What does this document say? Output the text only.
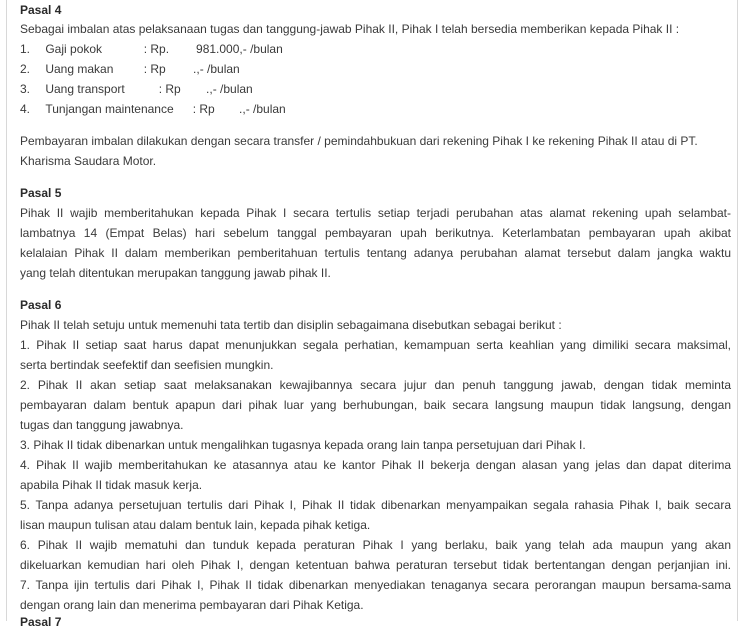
Pasal 4
Sebagai imbalan atas pelaksanaan tugas dan tanggung-jawab Pihak II, Pihak I telah bersedia memberikan kepada Pihak II :
1. Gaji pokok	: Rp. 981.000,- /bulan
2. Uang makan	: Rp .,- /bulan
3. Uang transport	: Rp .,- /bulan
4. Tunjangan maintenance : Rp .,- /bulan
Pembayaran imbalan dilakukan dengan secara transfer / pemindahbukuan dari rekening Pihak I ke rekening Pihak II atau di PT.
Kharisma Saudara Motor.
Pasal 5
Pihak II wajib memberitahukan kepada Pihak I secara tertulis setiap terjadi perubahan atas alamat rekening upah selambat-
lambatnya 14 (Empat Belas) hari sebelum tanggal pembayaran upah berikutnya. Keterlambatan pembayaran upah akibat
kelalaian Pihak II dalam memberikan pemberitahuan tertulis tentang adanya perubahan alamat tersebut dalam jangka waktu
yang telah ditentukan merupakan tanggung jawab pihak II.
Pasal 6
Pihak II telah setuju untuk memenuhi tata tertib dan disiplin sebagaimana disebutkan sebagai berikut :
1. Pihak II setiap saat harus dapat menunjukkan segala perhatian, kemampuan serta keahlian yang dimiliki secara maksimal,
serta bertindak seefektif dan seefisien mungkin.
2. Pihak II akan setiap saat melaksanakan kewajibannya secara jujur dan penuh tanggung jawab, dengan tidak meminta
pembayaran dalam bentuk apapun dari pihak luar yang berhubungan, baik secara langsung maupun tidak langsung, dengan
tugas dan tanggung jawabnya.
3. Pihak II tidak dibenarkan untuk mengalihkan tugasnya kepada orang lain tanpa persetujuan dari Pihak I.
4. Pihak II wajib memberitahukan ke atasannya atau ke kantor Pihak II bekerja dengan alasan yang jelas dan dapat diterima
apabila Pihak II tidak masuk kerja.
5. Tanpa adanya persetujuan tertulis dari Pihak I, Pihak II tidak dibenarkan menyampaikan segala rahasia Pihak I, baik secara
lisan maupun tulisan atau dalam bentuk lain, kepada pihak ketiga.
6. Pihak II wajib mematuhi dan tunduk kepada peraturan Pihak I yang berlaku, baik yang telah ada maupun yang akan
dikeluarkan kemudian hari oleh Pihak I, dengan ketentuan bahwa peraturan tersebut tidak bertentangan dengan perjanjian ini.
7. Tanpa ijin tertulis dari Pihak I, Pihak II tidak dibenarkan menyediakan tenaganya secara perorangan maupun bersama-sama
dengan orang lain dan menerima pembayaran dari Pihak Ketiga.
Pasal 7
